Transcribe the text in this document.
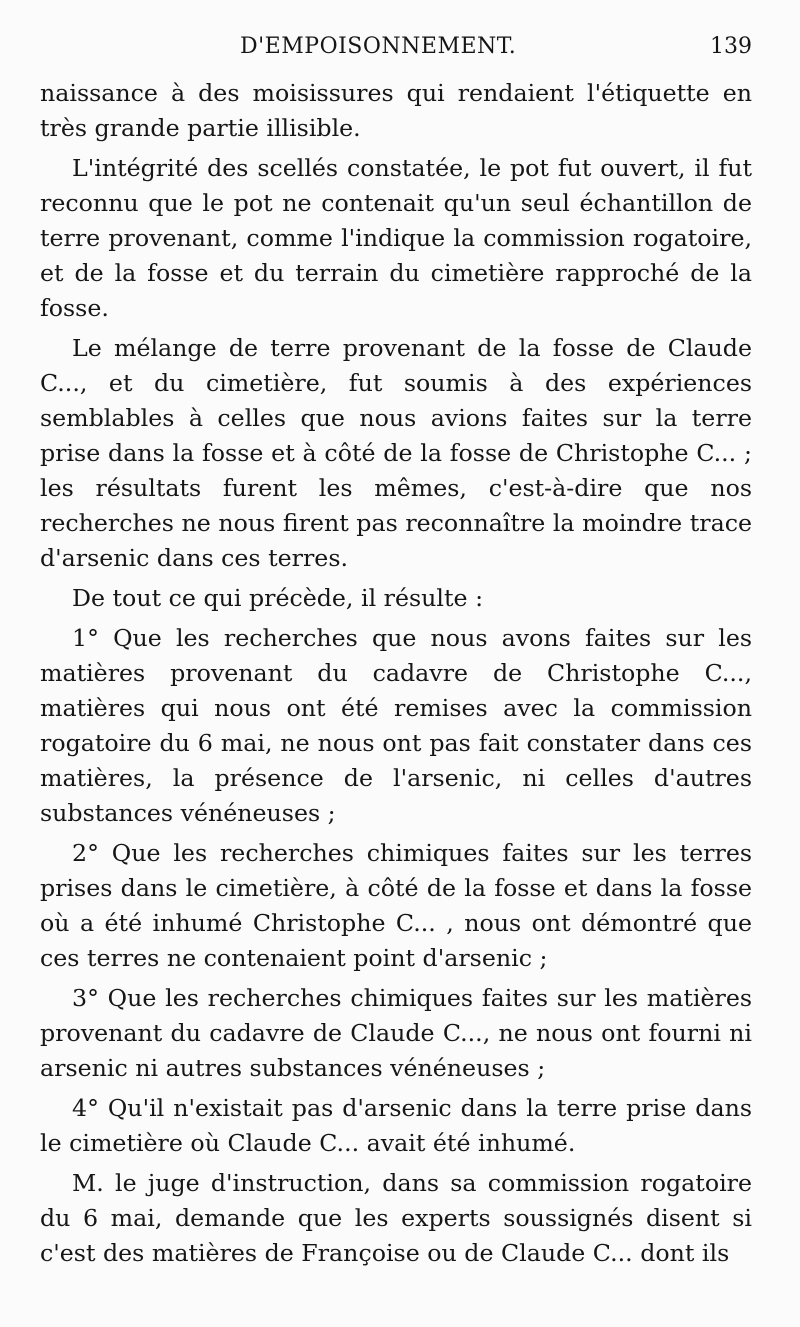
D'EMPOISONNEMENT.	139

naissance à des moisissures qui rendaient l'étiquette en très grande partie illisible.

L'intégrité des scellés constatée, le pot fut ouvert, il fut reconnu que le pot ne contenait qu'un seul échantillon de terre provenant, comme l'indique la commission rogatoire, et de la fosse et du terrain du cimetière rapproché de la fosse.

Le mélange de terre provenant de la fosse de Claude C..., et du cimetière, fut soumis à des expériences semblables à celles que nous avions faites sur la terre prise dans la fosse et à côté de la fosse de Christophe C... ; les résultats furent les mêmes, c'est-à-dire que nos recherches ne nous firent pas reconnaître la moindre trace d'arsenic dans ces terres.

De tout ce qui précède, il résulte :

1° Que les recherches que nous avons faites sur les matières provenant du cadavre de Christophe C..., matières qui nous ont été remises avec la commission rogatoire du 6 mai, ne nous ont pas fait constater dans ces matières, la présence de l'arsenic, ni celles d'autres substances vénéneuses ;

2° Que les recherches chimiques faites sur les terres prises dans le cimetière, à côté de la fosse et dans la fosse où a été inhumé Christophe C... , nous ont démontré que ces terres ne contenaient point d'arsenic ;

3° Que les recherches chimiques faites sur les matières provenant du cadavre de Claude C..., ne nous ont fourni ni arsenic ni autres substances vénéneuses ;

4° Qu'il n'existait pas d'arsenic dans la terre prise dans le cimetière où Claude C... avait été inhumé.

M. le juge d'instruction, dans sa commission rogatoire du 6 mai, demande que les experts soussignés disent si c'est des matières de Françoise ou de Claude C... dont ils
